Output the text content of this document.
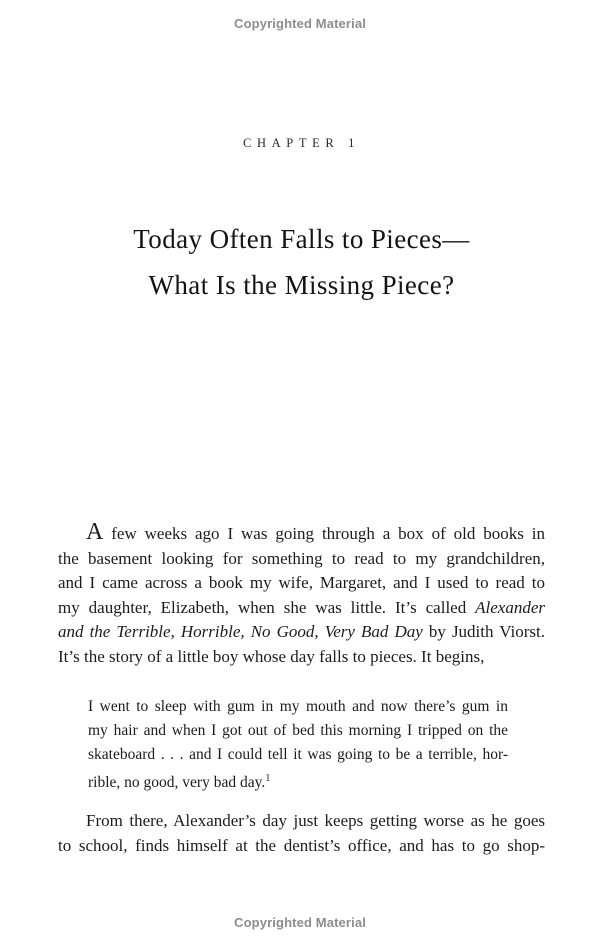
Copyrighted Material
CHAPTER 1
Today Often Falls to Pieces—
What Is the Missing Piece?
A few weeks ago I was going through a box of old books in
the basement looking for something to read to my grandchildren,
and I came across a book my wife, Margaret, and I used to read to
my daughter, Elizabeth, when she was little. It’s called Alexander
and the Terrible, Horrible, No Good, Very Bad Day by Judith Viorst.
It’s the story of a little boy whose day falls to pieces. It begins,
I went to sleep with gum in my mouth and now there’s gum in
my hair and when I got out of bed this morning I tripped on the
skateboard . . . and I could tell it was going to be a terrible, hor-
rible, no good, very bad day.$^1$
From there, Alexander’s day just keeps getting worse as he goes
to school, finds himself at the dentist’s office, and has to go shop-
Copyrighted Material
